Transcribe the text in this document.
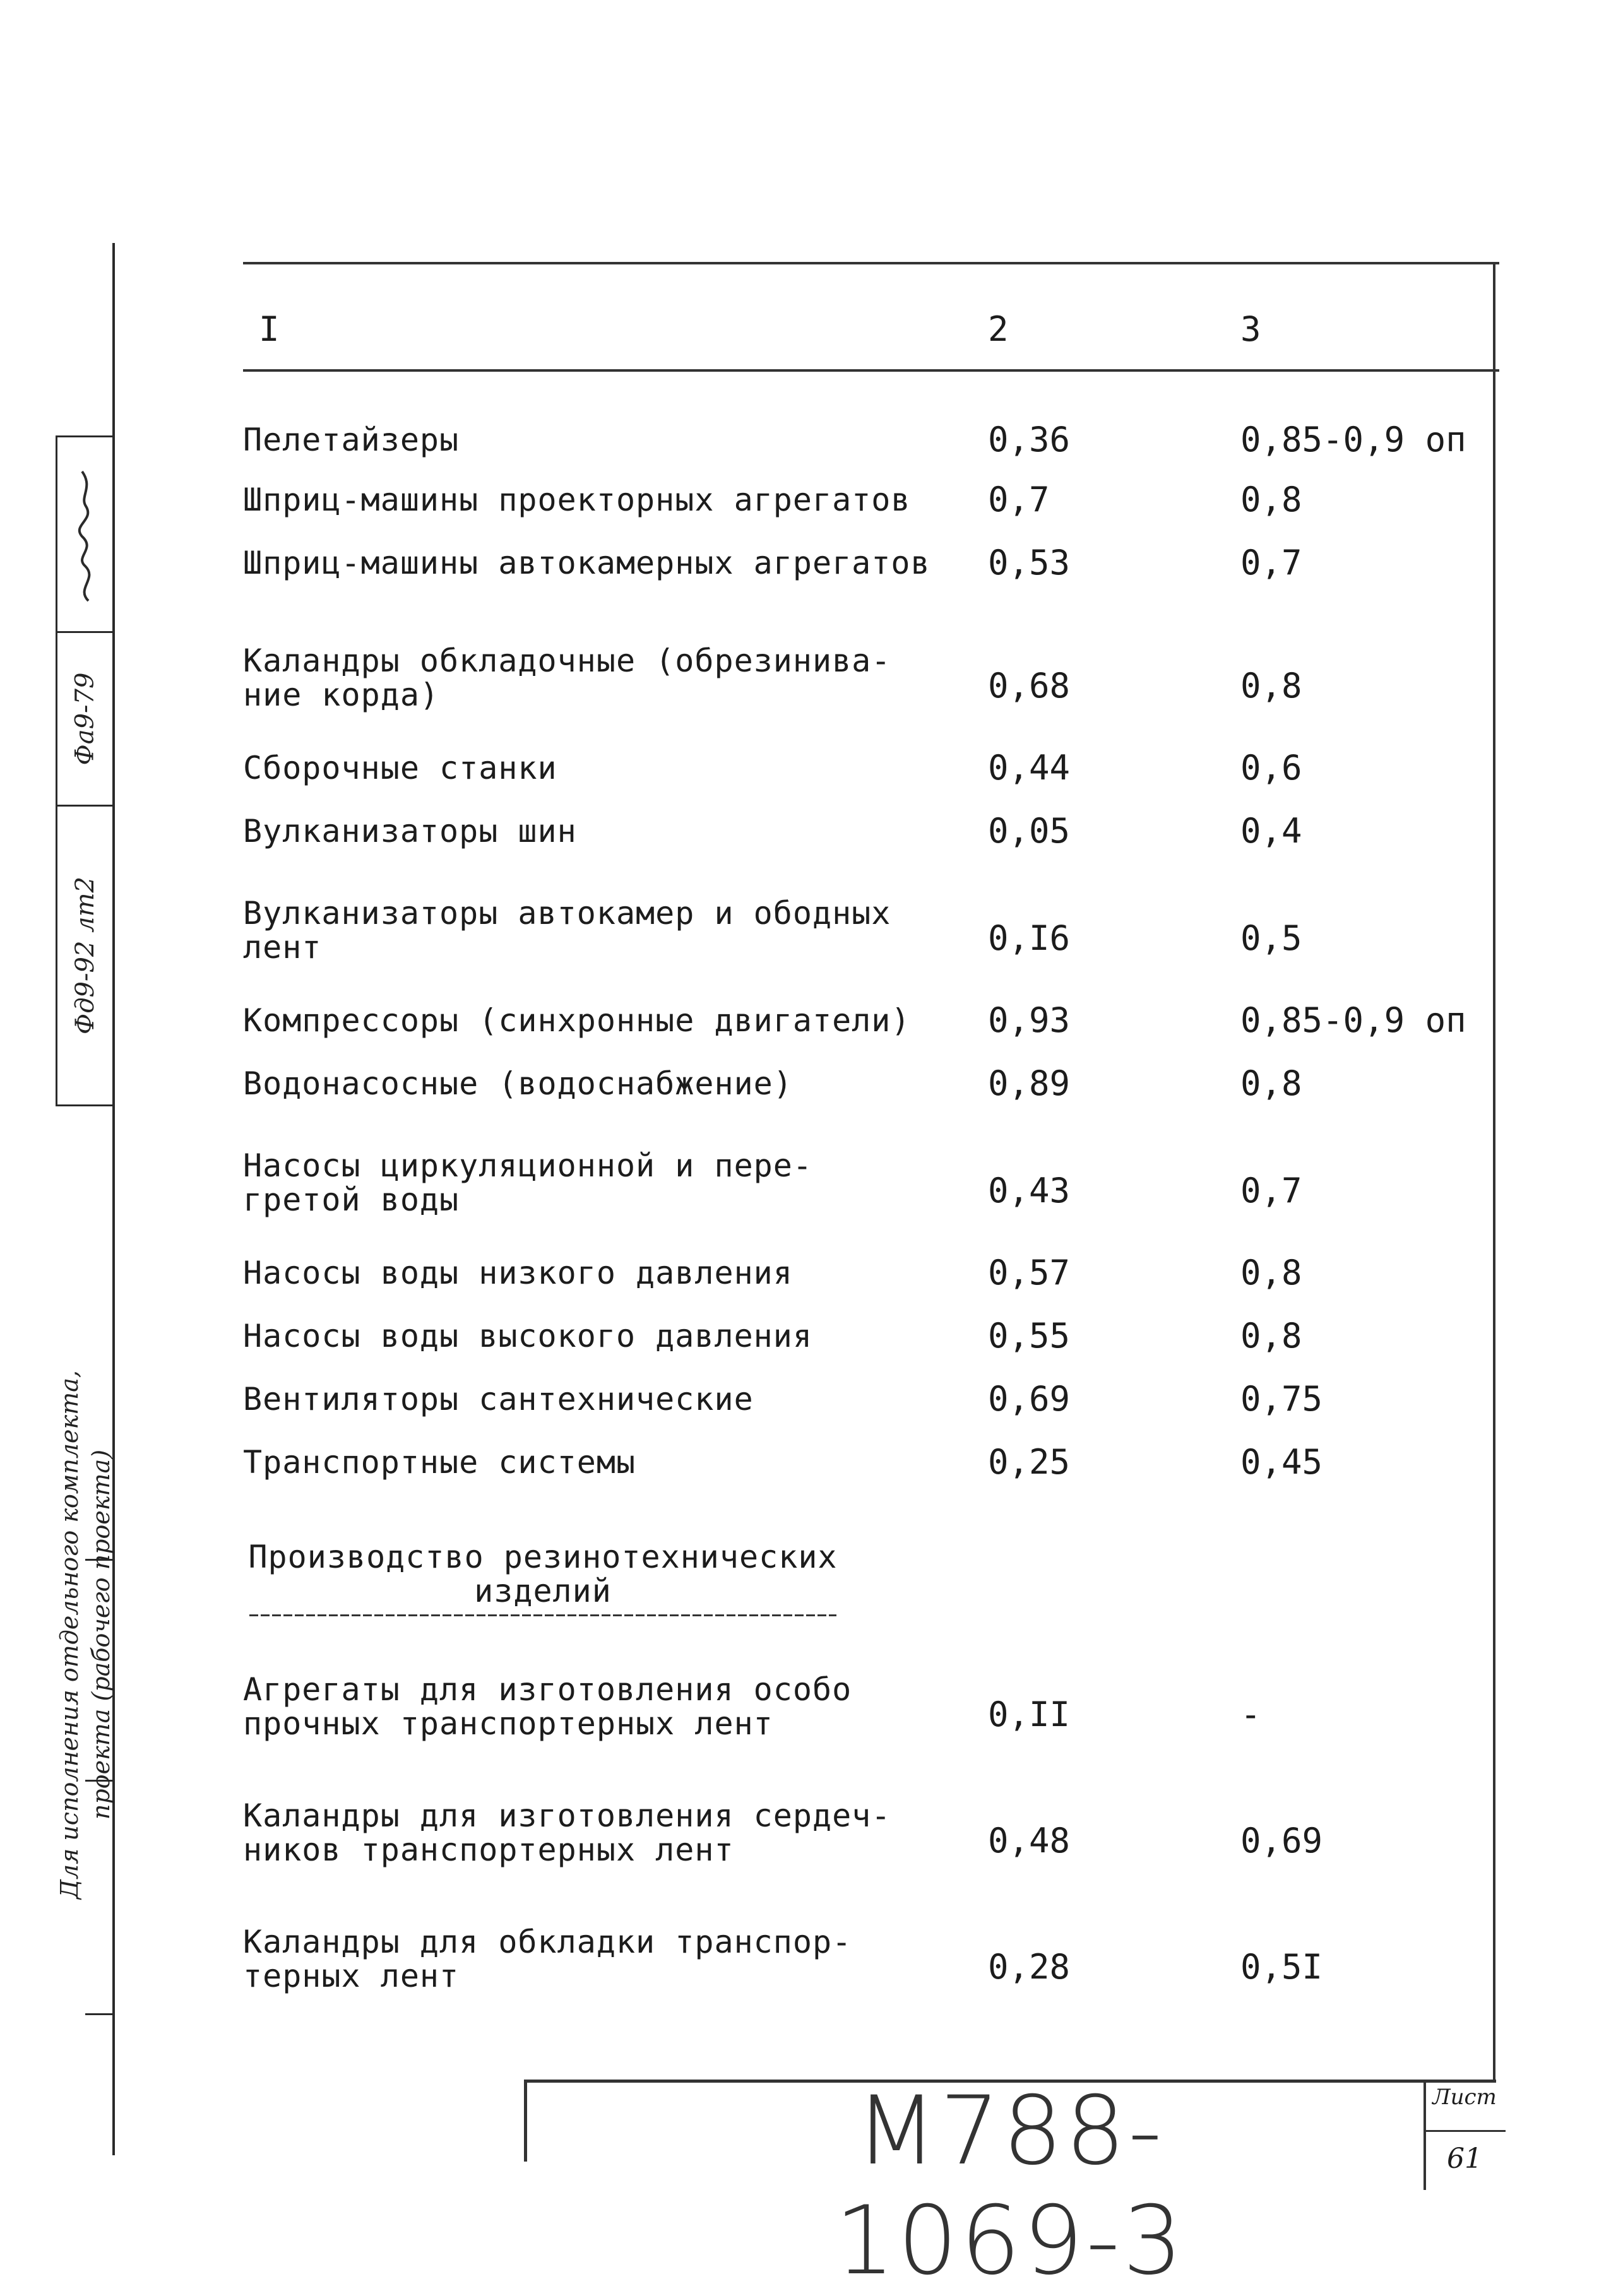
Фа9-79
Фд9-92 лт2
Для исполнения отдельного комплекта,
проекта (рабочего проекта)
I	2	3
Пелетайзеры	0,36	0,85-0,9 оп
Шприц-машины проекторных агрегатов	0,7	0,8
Шприц-машины автокамерных агрегатов	0,53	0,7
Каландры обкладочные (обрезинива-
ние корда)	0,68	0,8
Сборочные станки	0,44	0,6
Вулканизаторы шин	0,05	0,4
Вулканизаторы автокамер и ободных
лент	0,I6	0,5
Компрессоры (синхронные двигатели)	0,93	0,85-0,9 оп
Водонасосные (водоснабжение)	0,89	0,8
Насосы циркуляционной и пере-
гретой воды	0,43	0,7
Насосы воды низкого давления	0,57	0,8
Насосы воды высокого давления	0,55	0,8
Вентиляторы сантехнические	0,69	0,75
Транспортные системы	0,25	0,45
Производство резинотехнических
изделий
Агрегаты для изготовления особо
прочных транспортерных лент	0,II	-
Каландры для изготовления сердеч-
ников транспортерных лент	0,48	0,69
Каландры для обкладки транспор-
терных лент	0,28	0,5I
М788-1069-3
Лист
61
